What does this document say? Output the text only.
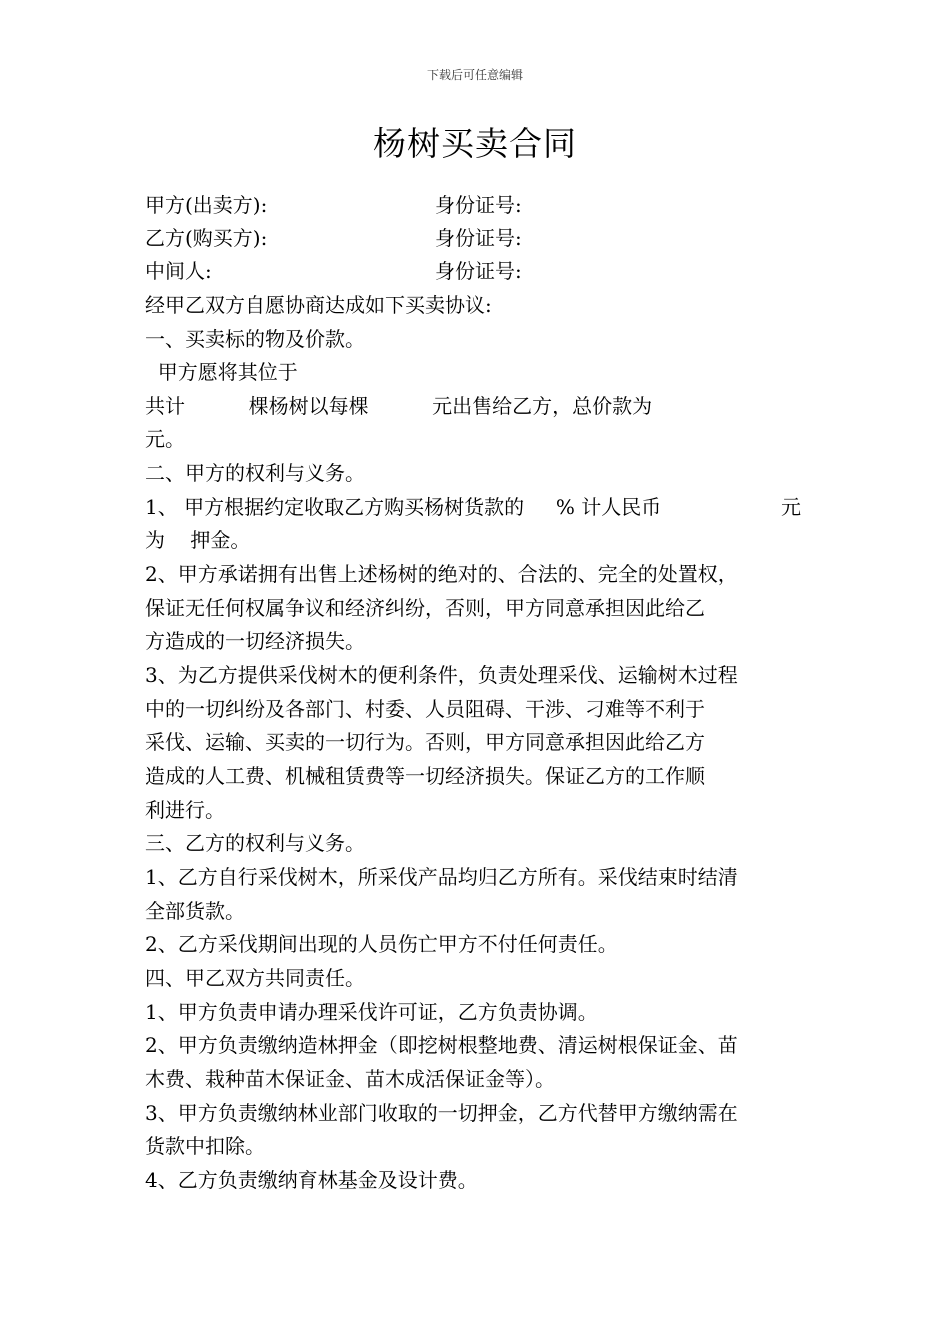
下载后可任意编辑
杨树买卖合同
甲方(出卖方):	身份证号:
乙方(购买方):	身份证号:
中间人:	身份证号:
经甲乙双方自愿协商达成如下买卖协议:
一、买卖标的物及价款。
甲方愿将其位于
共计          棵杨树以每棵          元出售给乙方，总价款为
元。
二、甲方的权利与义务。
1、 甲方根据约定收取乙方购买杨树货款的     % 计人民币	元
为    押金。
2、甲方承诺拥有出售上述杨树的绝对的、合法的、完全的处置权，
保证无任何权属争议和经济纠纷，否则，甲方同意承担因此给乙
方造成的一切经济损失。
3、为乙方提供采伐树木的便利条件，负责处理采伐、运输树木过程
中的一切纠纷及各部门、村委、人员阻碍、干涉、刁难等不利于
采伐、运输、买卖的一切行为。否则，甲方同意承担因此给乙方
造成的人工费、机械租赁费等一切经济损失。保证乙方的工作顺
利进行。
三、乙方的权利与义务。
1、乙方自行采伐树木，所采伐产品均归乙方所有。采伐结束时结清
全部货款。
2、乙方采伐期间出现的人员伤亡甲方不付任何责任。
四、甲乙双方共同责任。
1、甲方负责申请办理采伐许可证，乙方负责协调。
2、甲方负责缴纳造林押金（即挖树根整地费、清运树根保证金、苗
木费、栽种苗木保证金、苗木成活保证金等）。
3、甲方负责缴纳林业部门收取的一切押金，乙方代替甲方缴纳需在
货款中扣除。
4、乙方负责缴纳育林基金及设计费。
